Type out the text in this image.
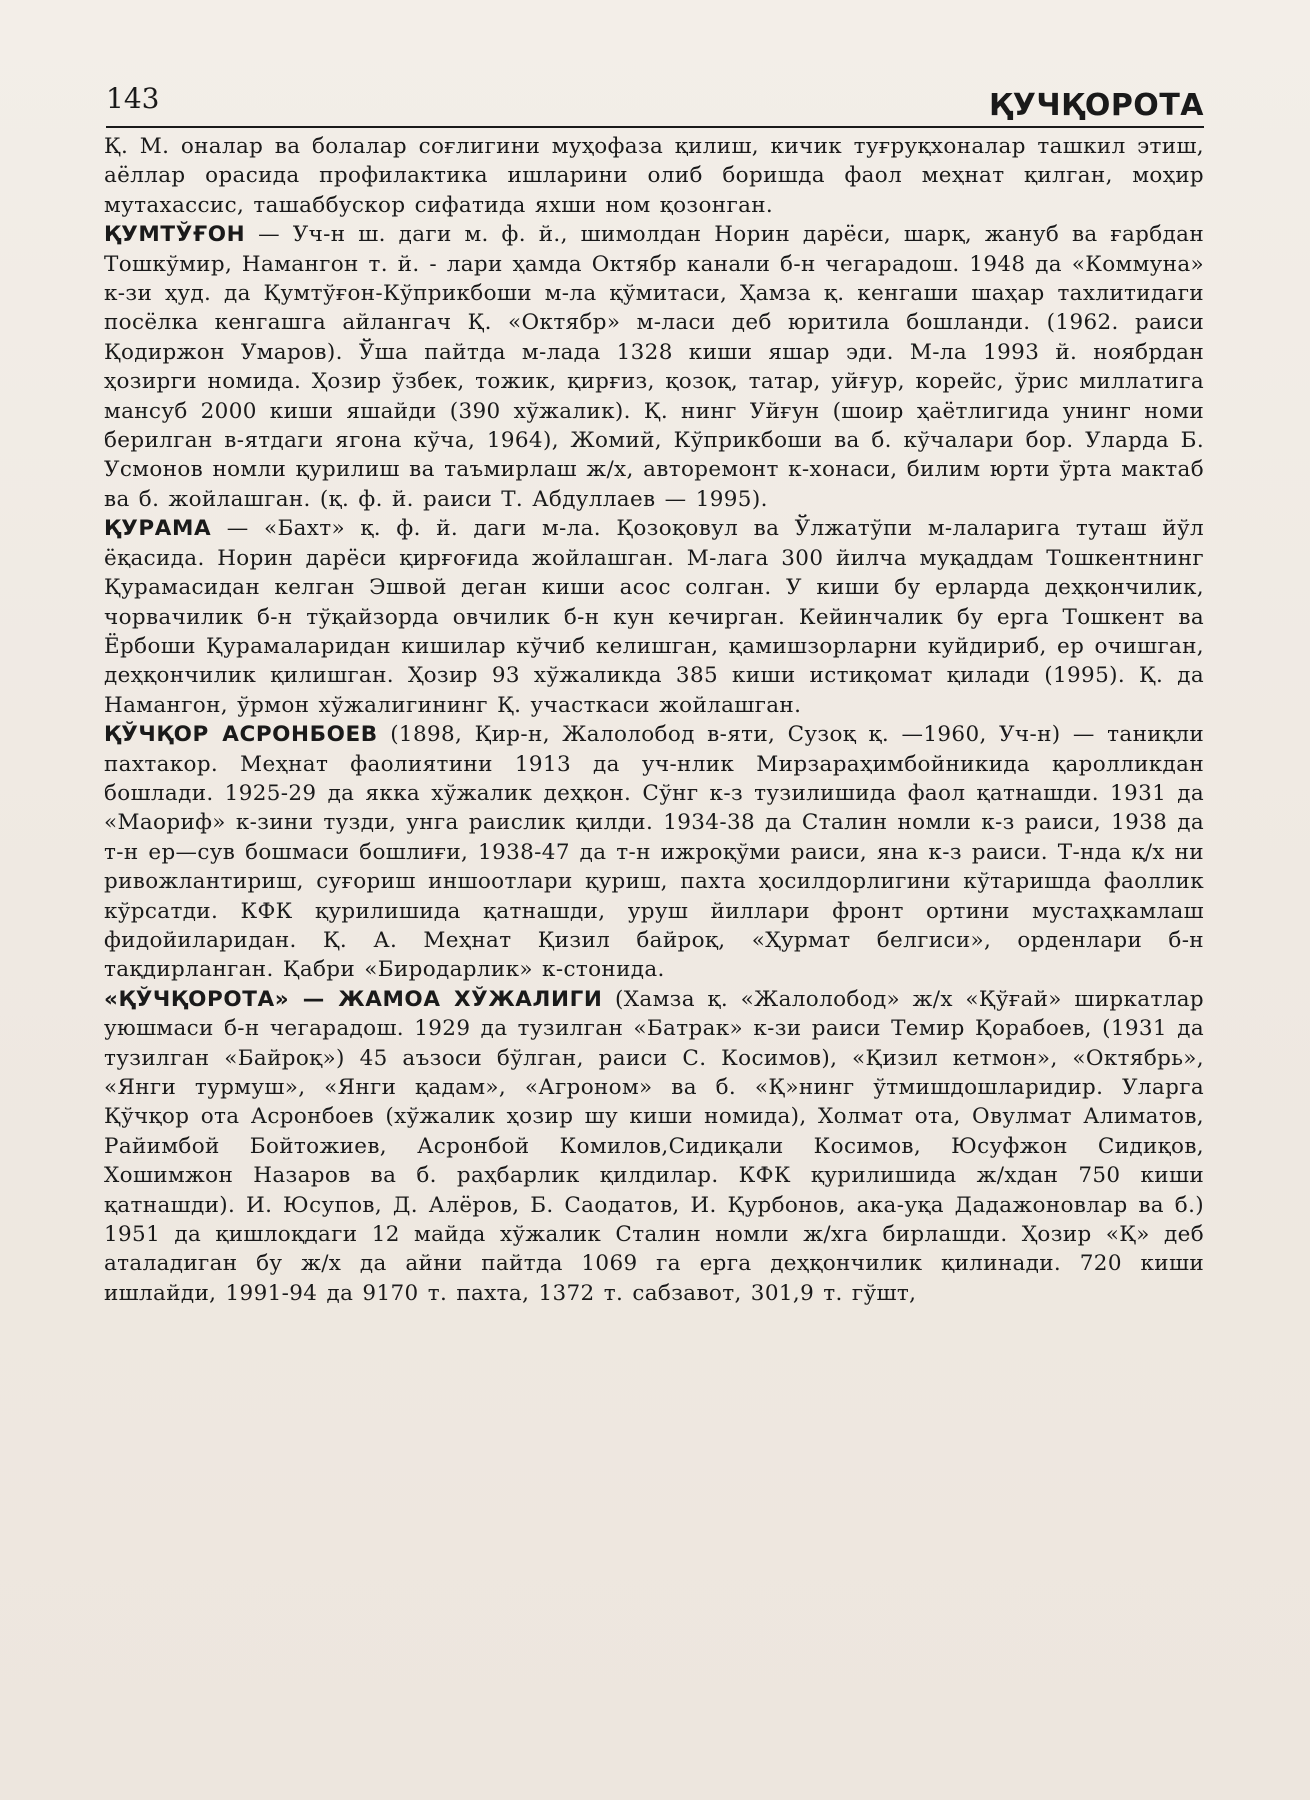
143	ҚУЧҚОРОТА

Қ. М. оналар ва болалар соғлигини муҳофаза қилиш, кичик туғруқхоналар ташкил этиш, аёллар орасида профилактика ишларини олиб боришда фаол меҳнат қилган, моҳир мутахассис, ташаббускор сифатида яхши ном қозонган.

ҚУМТЎҒОН — Уч-н ш. даги м. ф. й., шимолдан Норин дарёси, шарқ, жануб ва ғарбдан Тошкўмир, Намангон т. й. - лари ҳамда Октябр канали б-н чегарадош. 1948 да «Коммуна» к-зи ҳуд. да Қумтўғон-Кўприкбоши м-ла қўмитаси, Ҳамза қ. кенгаши шаҳар тахлитидаги посёлка кенгашга айлангач Қ. «Октябр» м-ласи деб юритила бошланди. (1962. раиси Қодиржон Умаров). Ўша пайтда м-лада 1328 киши яшар эди. М-ла 1993 й. ноябрдан ҳозирги номида. Ҳозир ўзбек, тожик, қирғиз, қозоқ, татар, уйғур, корейс, ўрис миллатига мансуб 2000 киши яшайди (390 хўжалик). Қ. нинг Уйғун (шоир ҳаётлигида унинг номи берилган в-ятдаги ягона кўча, 1964), Жомий, Кўприкбоши ва б. кўчалари бор. Уларда Б. Усмонов номли қурилиш ва таъмирлаш ж/х, авторемонт к-хонаси, билим юрти ўрта мактаб ва б. жойлашган. (қ. ф. й. раиси Т. Абдуллаев — 1995).

ҚУРАМА — «Бахт» қ. ф. й. даги м-ла. Қозоқовул ва Ўлжатўпи м-лаларига туташ йўл ёқасида. Норин дарёси қирғоғида жойлашган. М-лага 300 йилча муқаддам Тошкентнинг Қурамасидан келган Эшвой деган киши асос солган. У киши бу ерларда деҳқончилик, чорвачилик б-н тўқайзорда овчилик б-н кун кечирган. Кейинчалик бу ерга Тошкент ва Ёрбоши Қурамаларидан кишилар кўчиб келишган, қамишзорларни куйдириб, ер очишган, деҳқончилик қилишган. Ҳозир 93 хўжаликда 385 киши истиқомат қилади (1995). Қ. да Намангон, ўрмон хўжалигининг Қ. участкаси жойлашган.

ҚЎЧҚОР АСРОНБОЕВ (1898, Қир-н, Жалолобод в-яти, Сузоқ қ. —1960, Уч-н) — таниқли пахтакор. Меҳнат фаолиятини 1913 да уч-нлик Мирзараҳимбойникида қаролликдан бошлади. 1925-29 да якка хўжалик деҳқон. Сўнг к-з тузилишида фаол қатнашди. 1931 да «Маориф» к-зини тузди, унга раислик қилди. 1934-38 да Сталин номли к-з раиси, 1938 да т-н ер—сув бошмаси бошлиғи, 1938-47 да т-н ижроқўми раиси, яна к-з раиси. Т-нда қ/х ни ривожлантириш, суғориш иншоотлари қуриш, пахта ҳосилдорлигини кўтаришда фаоллик кўрсатди. КФК қурилишида қатнашди, уруш йиллари фронт ортини мустаҳкамлаш фидойиларидан. Қ. А. Меҳнат Қизил байроқ, «Ҳурмат белгиси», орденлари б-н тақдирланган. Қабри «Биродарлик» к-стонида.

«ҚЎЧҚОРОТА» — ЖАМОА ХЎЖАЛИГИ (Хамза қ. «Жалолобод» ж/х «Қўғай» ширкатлар уюшмаси б-н чегарадош. 1929 да тузилган «Батрак» к-зи раиси Темир Қорабоев, (1931 да тузилган «Байроқ») 45 аъзоси бўлган, раиси С. Косимов), «Қизил кетмон», «Октябрь», «Янги турмуш», «Янги қадам», «Агроном» ва б. «Қ»нинг ўтмишдошларидир. Уларга Қўчқор ота Асронбоев (хўжалик ҳозир шу киши номида), Холмат ота, Овулмат Алиматов, Райимбой Бойтожиев, Асронбой Комилов,Сидиқали Косимов, Юсуфжон Сидиқов, Хошимжон Назаров ва б. раҳбарлик қилдилар. КФК қурилишида ж/хдан 750 киши қатнашди). И. Юсупов, Д. Алёров, Б. Саодатов, И. Қурбонов, ака-уқа Дадажоновлар ва б.) 1951 да қишлоқдаги 12 майда хўжалик Сталин номли ж/хга бирлашди. Ҳозир «Қ» деб аталадиган бу ж/х да айни пайтда 1069 га ерга деҳқончилик қилинади. 720 киши ишлайди, 1991-94 да 9170 т. пахта, 1372 т. сабзавот, 301,9 т. гўшт,
